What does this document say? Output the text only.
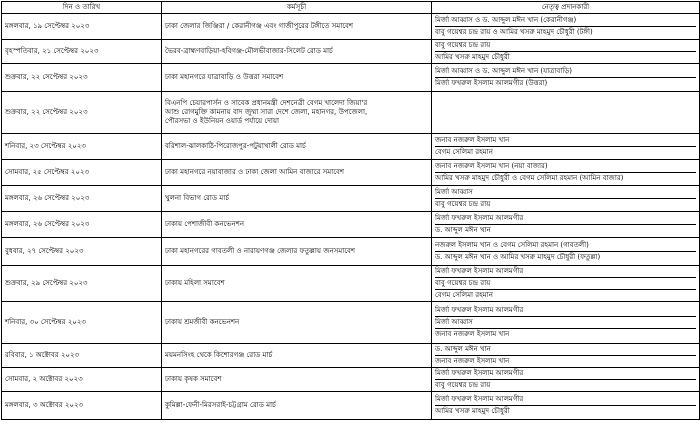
দিন ও তারিখ	কর্মসূচী	নেতৃত্ব প্রদানকারী
মঙ্গলবার, ১৯ সেপ্টেম্বর ২০২৩	ঢাকা জেলার জিঞ্জিরা / কেরানীগঞ্জ এবং গাজীপুরের টঙ্গীতে সমাবেশ	মির্জা আব্বাস ও ড. আব্দুল মঈন খান (কেরানীগঞ্জ)
বাবু গয়েশ্বর চন্দ্র রায় ও আমির খসরু মাহমুদ চৌধুরী (টঙ্গী)

বৃহস্পতিবার, ২১ সেপ্টেম্বর ২০২৩	ভৈরব-ব্রাহ্মণবাড়িয়া-হবিগঞ্জ-মৌলভীবাজার-সিলেট রোড মার্চ	বাবু গয়েশ্বর চন্দ্র রায়
আমির খসরু মাহমুদ চৌধুরী

শুক্রবার, ২২ সেপ্টেম্বর ২০২৩	ঢাকা মহানগরে যাত্রাবাড়ি ও উত্তরা সমাবেশ	মির্জা আব্বাস ও ড. আব্দুল মঈন খান (যাত্রাবাড়ি)
মির্জা ফখরুল ইসলাম আলমগীর (উত্তরা)

শুক্রবার, ২২ সেপ্টেম্বর ২০২৩	বিএনপি চেয়ারপার্সন ও সাবেক প্রধানমন্ত্রী দেশনেত্রী বেগম খালেদা জিয়া'র
আশু রোগমুক্তি কামনায় বাদ জুম্মা সারা দেশে জেলা, মহানগর, উপজেলা,
পৌরসভা ও ইউনিয়ন ওয়ার্ড পর্যায়ে দোয়া	

শনিবার, ২৩ সেপ্টেম্বর ২০২৩	বরিশাল-ঝালকাঠি-পিরোজপুর-পটুয়াখালী রোড মার্চ	জনাব নজরুল ইসলাম খান
বেগম সেলিমা রহমান

সোমবার, ২৫ সেপ্টেম্বর ২০২৩	ঢাকা মহানগরে নয়াবাজার ও ঢাকা জেলা আমিন বাজারে সমাবেশ	জনাব নজরুল ইসলাম খান (নয়া বাজার)
আমির খসরু মাহমুদ চৌধুরী ও বেগম সেলিমা রহমান (আমিন বাজার)

মঙ্গলবার, ২৬ সেপ্টেম্বর ২০২৩	খুলনা বিভাগ রোড মার্চ	মির্জা আব্বাস
বাবু গয়েশ্বর চন্দ্র রায়

মঙ্গলবার, ২৬ সেপ্টেম্বর ২০২৩	ঢাকায় পেশাজীবী কনভেনশন	মির্জা ফখরুল ইসলাম আলমগীর
ড. আব্দুল মঈন খান

বুধবার, ২৭ সেপ্টেম্বর ২০২৩	ঢাকা মহানগরের গাবতলী ও নারায়ণগঞ্জ জেলার ফতুল্লায় জনসমাবেশ	নজরুল ইসলাম খান ও বেগম সেলিমা রহমান (গাবতলী)
ড. আব্দুল মঈন খান ও আমির খসরু মাহমুদ চৌধুরী (ফতুল্লা)

শুক্রবার, ২৯ সেপ্টেম্বর ২০২৩	ঢাকায় মহিলা সমাবেশ	মির্জা ফখরুল ইসলাম আলমগীর
বাবু গয়েশ্বর চন্দ্র রায়
বেগম সেলিমা রহমান

শনিবার, ৩০ সেপ্টেম্বর ২০২৩	ঢাকায় শ্রমজীবী কনভেনশন	মির্জা ফখরুল ইসলাম আলমগীর
মির্জা আব্বাস
জনাব নজরুল ইসলাম খান

রবিবার, ১ অক্টোবর ২০২৩	ময়মনসিংহ থেকে কিশোরগঞ্জ রোড মার্চ	ড. আব্দুল মঈন খান
জনাব নজরুল ইসলাম খান

সোমবার, ২ অক্টোবর ২০২৩	ঢাকায় কৃষক সমাবেশ	মির্জা ফখরুল ইসলাম আলমগীর
বাবু গয়েশ্বর চন্দ্র রায়

মঙ্গলবার, ৩ অক্টোবর ২০২৩	কুমিল্লা-ফেনী-মিরসরাই-চট্টগ্রাম রোড মার্চ	মির্জা ফখরুল ইসলাম আলমগীর
আমির খসরু মাহমুদ চৌধুরী
